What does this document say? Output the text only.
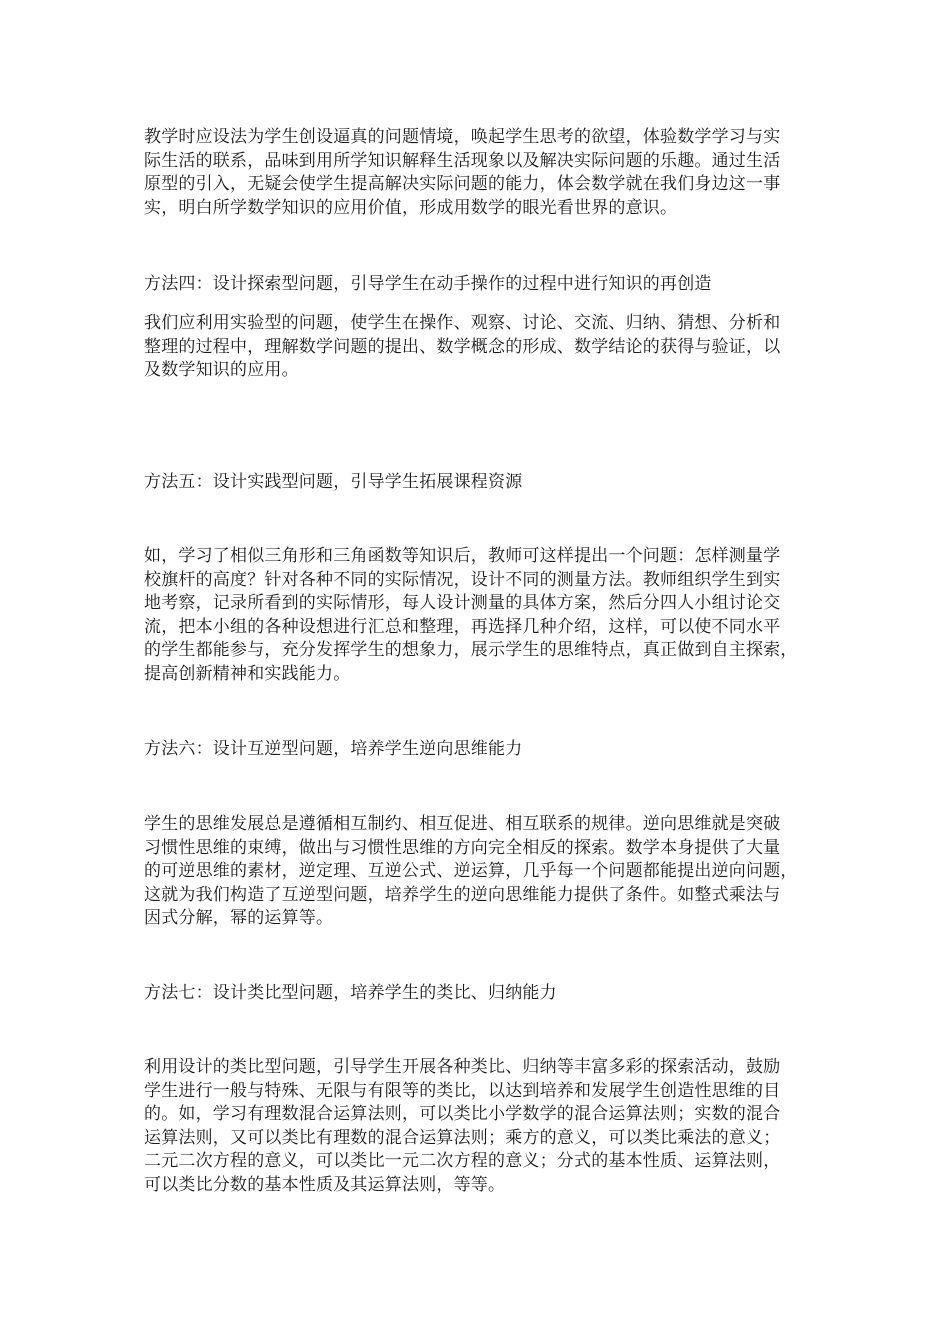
教学时应设法为学生创设逼真的问题情境，唤起学生思考的欲望，体验数学学习与实
际生活的联系，品味到用所学知识解释生活现象以及解决实际问题的乐趣。通过生活
原型的引入，无疑会使学生提高解决实际问题的能力，体会数学就在我们身边这一事
实，明白所学数学知识的应用价值，形成用数学的眼光看世界的意识。

方法四：设计探索型问题，引导学生在动手操作的过程中进行知识的再创造

我们应利用实验型的问题，使学生在操作、观察、讨论、交流、归纳、猜想、分析和
整理的过程中，理解数学问题的提出、数学概念的形成、数学结论的获得与验证，以
及数学知识的应用。

方法五：设计实践型问题，引导学生拓展课程资源

如，学习了相似三角形和三角函数等知识后，教师可这样提出一个问题：怎样测量学
校旗杆的高度？针对各种不同的实际情况，设计不同的测量方法。教师组织学生到实
地考察，记录所看到的实际情形，每人设计测量的具体方案，然后分四人小组讨论交
流，把本小组的各种设想进行汇总和整理，再选择几种介绍，这样，可以使不同水平
的学生都能参与，充分发挥学生的想象力，展示学生的思维特点，真正做到自主探索，
提高创新精神和实践能力。

方法六：设计互逆型问题，培养学生逆向思维能力

学生的思维发展总是遵循相互制约、相互促进、相互联系的规律。逆向思维就是突破
习惯性思维的束缚，做出与习惯性思维的方向完全相反的探索。数学本身提供了大量
的可逆思维的素材，逆定理、互逆公式、逆运算，几乎每一个问题都能提出逆向问题，
这就为我们构造了互逆型问题，培养学生的逆向思维能力提供了条件。如整式乘法与
因式分解，幂的运算等。

方法七：设计类比型问题，培养学生的类比、归纳能力

利用设计的类比型问题，引导学生开展各种类比、归纳等丰富多彩的探索活动，鼓励
学生进行一般与特殊、无限与有限等的类比，以达到培养和发展学生创造性思维的目
的。如，学习有理数混合运算法则，可以类比小学数学的混合运算法则；实数的混合
运算法则，又可以类比有理数的混合运算法则；乘方的意义，可以类比乘法的意义；
二元二次方程的意义，可以类比一元二次方程的意义；分式的基本性质、运算法则，
可以类比分数的基本性质及其运算法则，等等。
